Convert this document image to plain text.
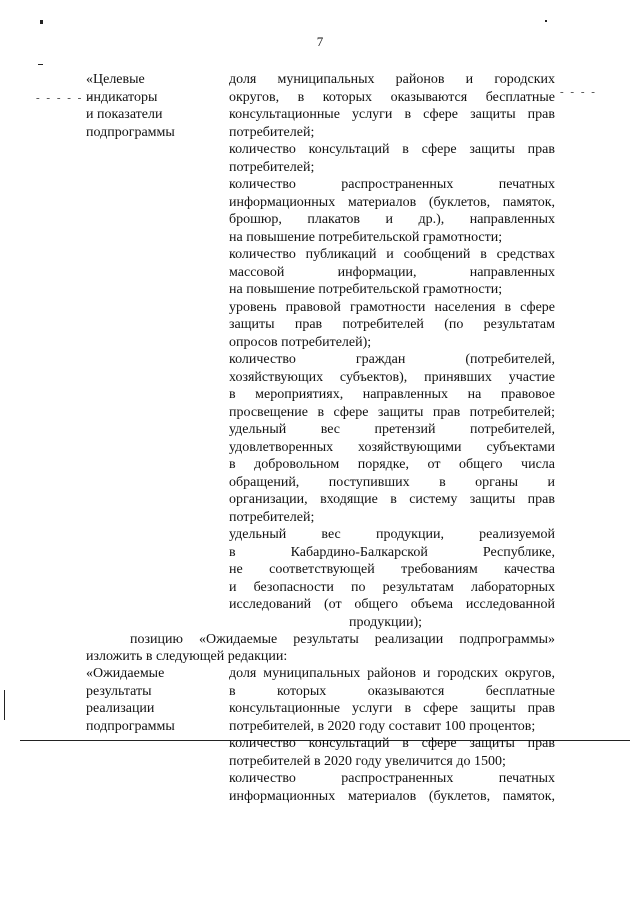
7
- - - - - -	- - - -
«Целевые
индикаторы
и показатели
подпрограммы
доля муниципальных районов и городских
округов, в которых оказываются бесплатные
консультационные услуги в сфере защиты прав
потребителей;
количество консультаций в сфере защиты прав
потребителей;
количество распространенных печатных
информационных материалов (буклетов, памяток,
брошюр, плакатов и др.), направленных
на повышение потребительской грамотности;
количество публикаций и сообщений в средствах
массовой информации, направленных
на повышение потребительской грамотности;
уровень правовой грамотности населения в сфере
защиты прав потребителей (по результатам
опросов потребителей);
количество граждан (потребителей,
хозяйствующих субъектов), принявших участие
в мероприятиях, направленных на правовое
просвещение в сфере защиты прав потребителей;
удельный вес претензий потребителей,
удовлетворенных хозяйствующими субъектами
в добровольном порядке, от общего числа
обращений, поступивших в органы и
организации, входящие в систему защиты прав
потребителей;
удельный вес продукции, реализуемой
в Кабардино-Балкарской Республике,
не соответствующей требованиям качества
и безопасности по результатам лабораторных
исследований (от общего объема исследованной
продукции);
позицию «Ожидаемые результаты реализации подпрограммы»
изложить в следующей редакции:
«Ожидаемые
результаты
реализации
подпрограммы
доля муниципальных районов и городских округов,
в которых оказываются бесплатные
консультационные услуги в сфере защиты прав
потребителей, в 2020 году составит 100 процентов;
количество консультаций в сфере защиты прав
потребителей в 2020 году увеличится до 1500;
количество распространенных печатных
информационных материалов (буклетов, памяток,
